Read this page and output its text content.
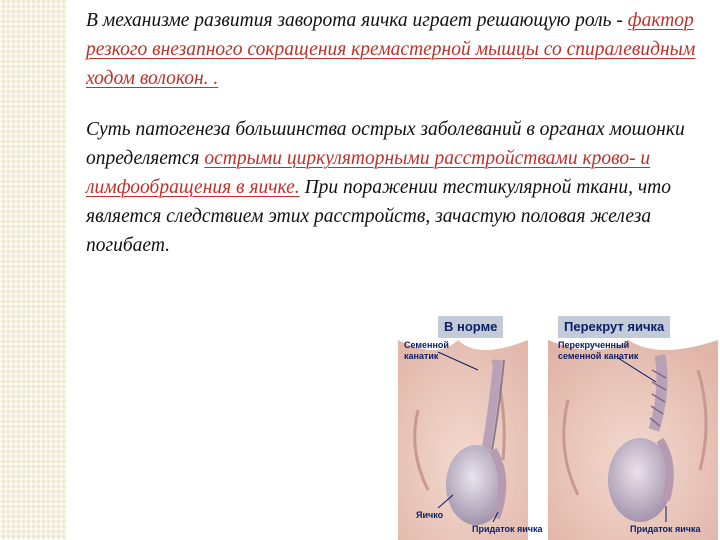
В механизме развития заворота яичка играет решающую роль - фактор резкого внезапного сокращения кремастерной мышцы со спиралевидным ходом волокон. .

Суть патогенеза большинства острых заболеваний в органах мошонки определяется острыми циркуляторными расстройствами крово- и лимфообращения в яичке. При поражении тестикулярной ткани, что является следствием этих расстройств, зачастую половая железа погибает.

В норме
Семенной
канатик
Яичко
Придаток яичка
Перекрут яичка
Перекрученный
семенной канатик
Придаток яичка
